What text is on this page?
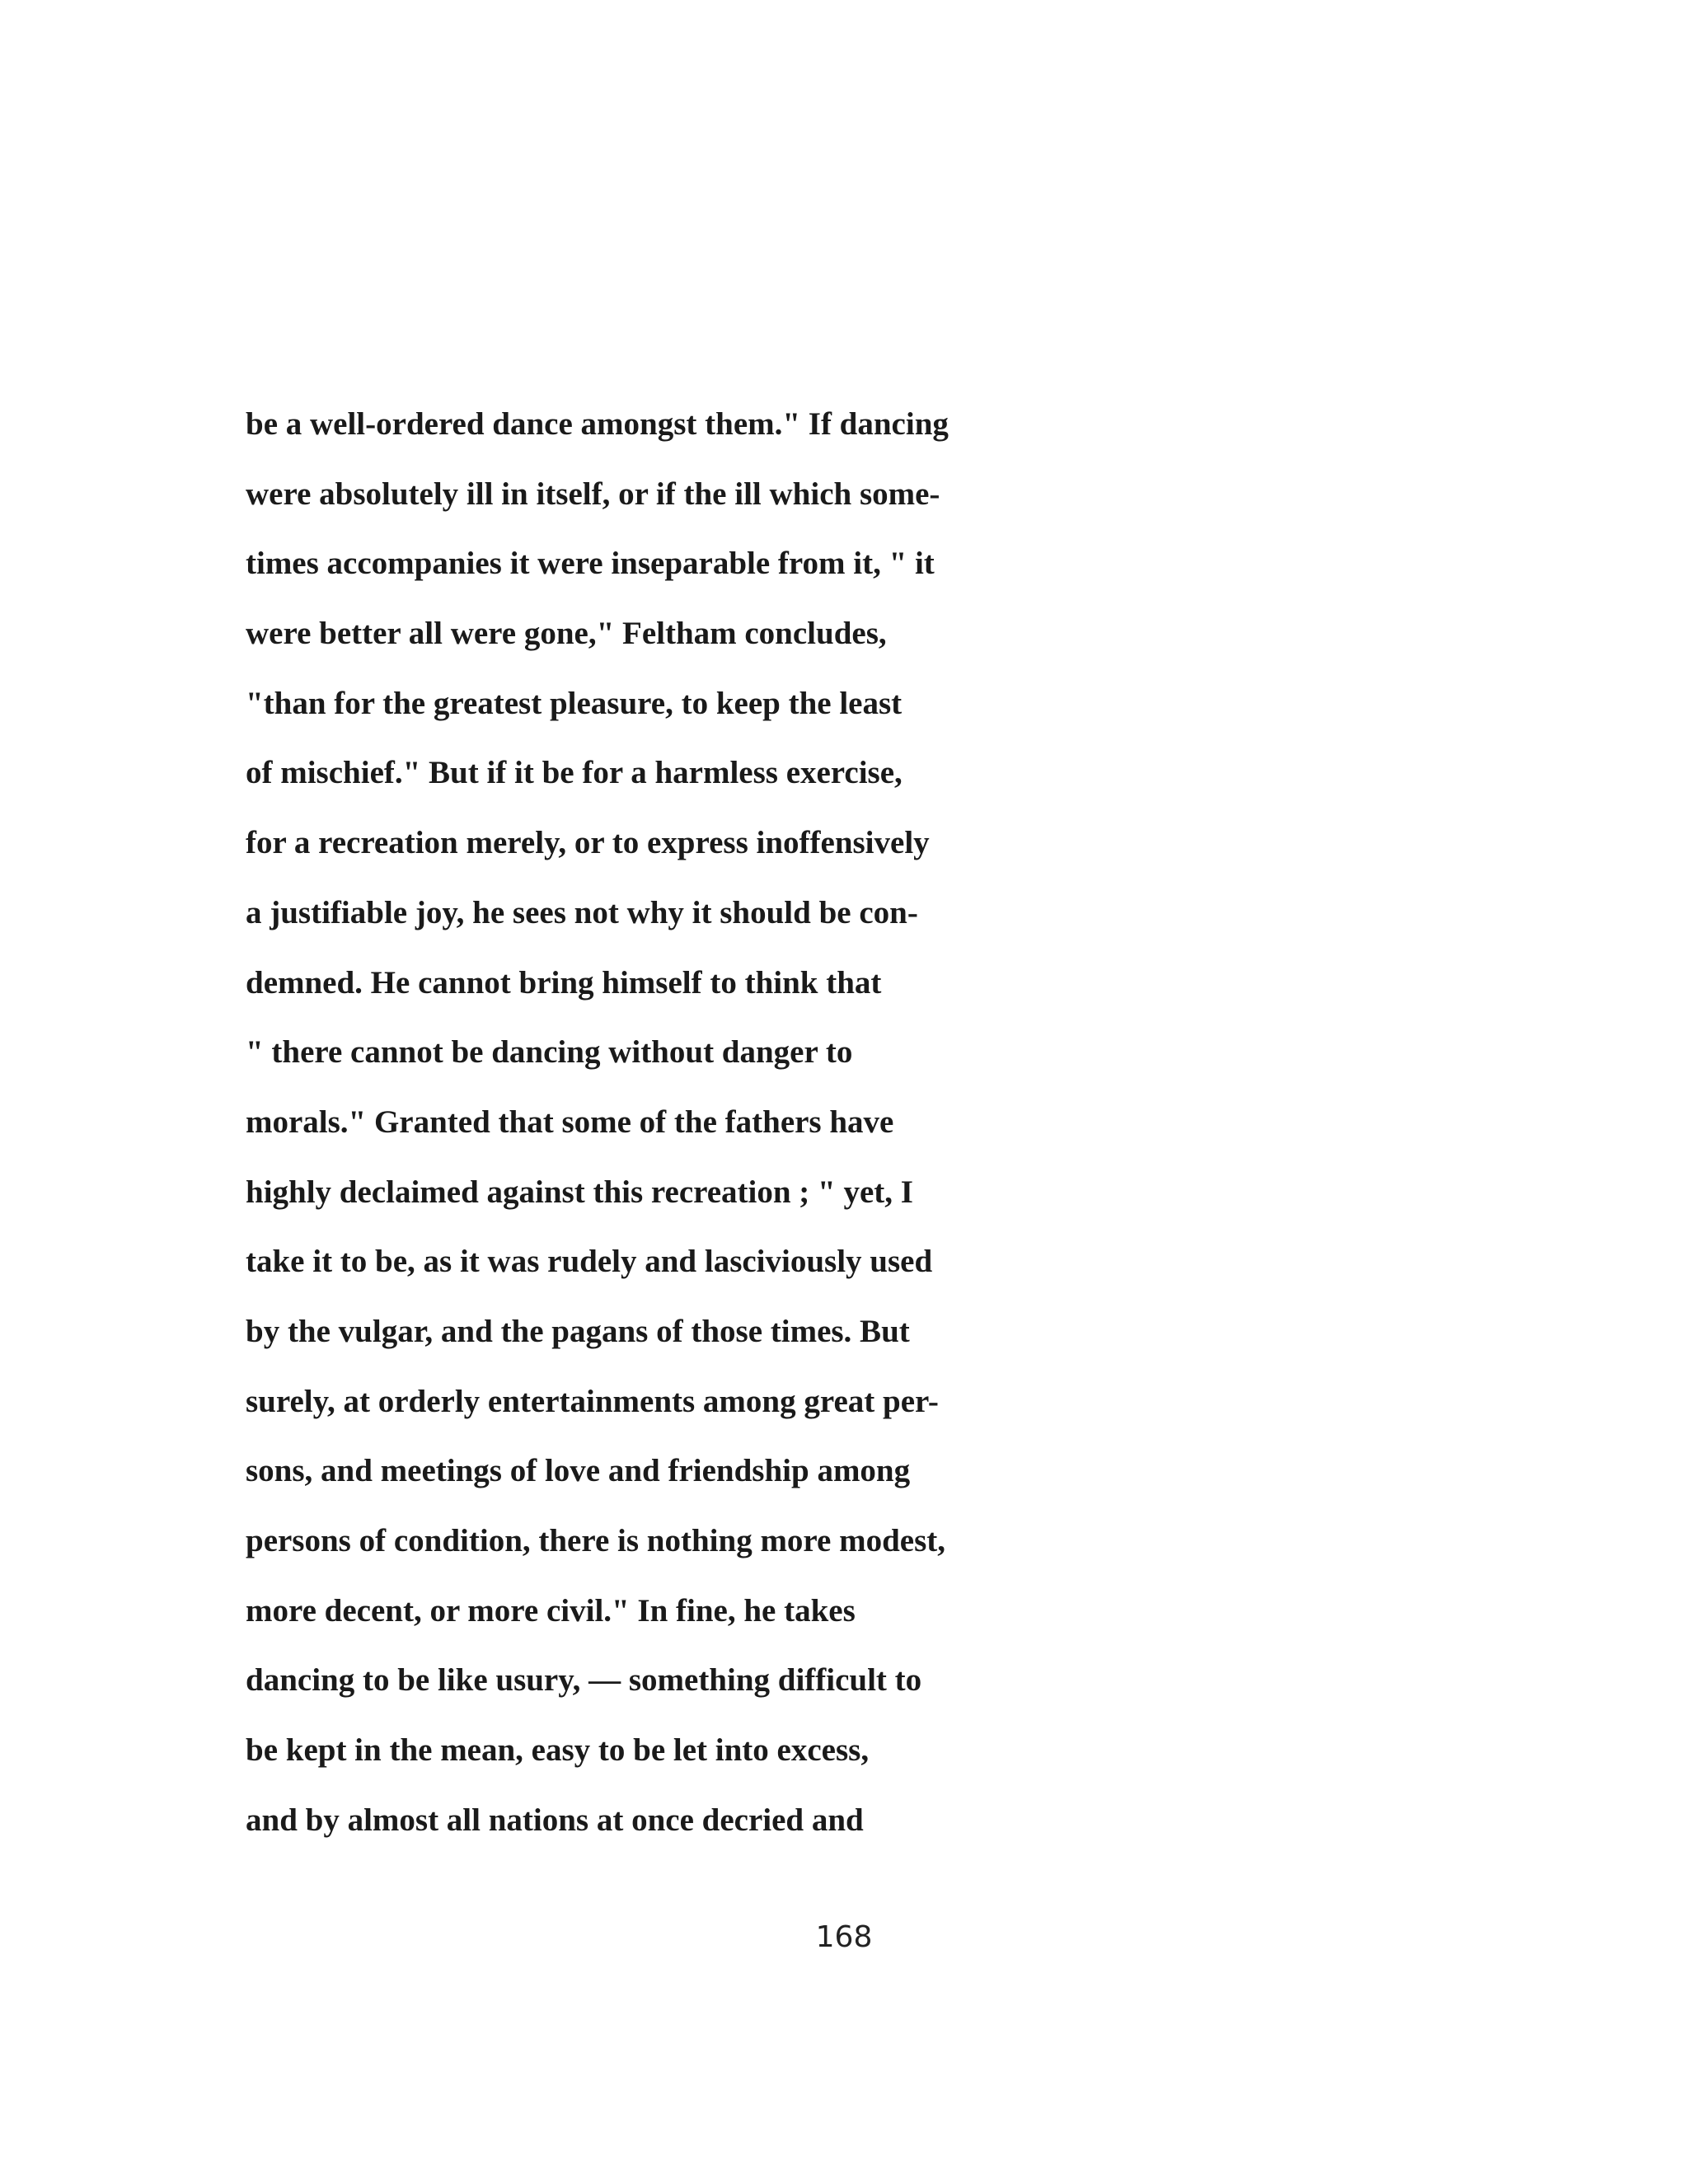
be a well-ordered dance amongst them." If dancing
were absolutely ill in itself, or if the ill which some-
times accompanies it were inseparable from it, " it
were better all were gone," Feltham concludes,
"than for the greatest pleasure, to keep the least
of mischief." But if it be for a harmless exercise,
for a recreation merely, or to express inoffensively
a justifiable joy, he sees not why it should be con-
demned. He cannot bring himself to think that
" there cannot be dancing without danger to
morals." Granted that some of the fathers have
highly declaimed against this recreation ; " yet, I
take it to be, as it was rudely and lasciviously used
by the vulgar, and the pagans of those times. But
surely, at orderly entertainments among great per-
sons, and meetings of love and friendship among
persons of condition, there is nothing more modest,
more decent, or more civil." In fine, he takes
dancing to be like usury, — something difficult to
be kept in the mean, easy to be let into excess,
and by almost all nations at once decried and
168
